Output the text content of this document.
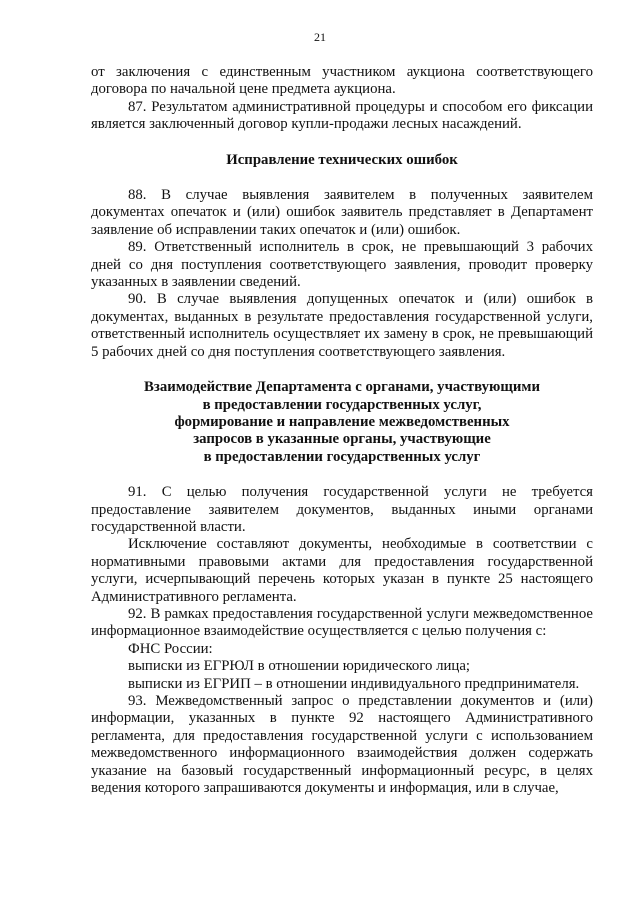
21

от заключения с единственным участником аукциона соответствующего договора по начальной цене предмета аукциона.

87. Результатом административной процедуры и способом его фиксации является заключенный договор купли-продажи лесных насаждений.

Исправление технических ошибок

88. В случае выявления заявителем в полученных заявителем документах опечаток и (или) ошибок заявитель представляет в Департамент заявление об исправлении таких опечаток и (или) ошибок.

89. Ответственный исполнитель в срок, не превышающий 3 рабочих дней со дня поступления соответствующего заявления, проводит проверку указанных в заявлении сведений.

90. В случае выявления допущенных опечаток и (или) ошибок в документах, выданных в результате предоставления государственной услуги, ответственный исполнитель осуществляет их замену в срок, не превышающий 5 рабочих дней со дня поступления соответствующего заявления.

Взаимодействие Департамента с органами, участвующими
в предоставлении государственных услуг,
формирование и направление межведомственных
запросов в указанные органы, участвующие
в предоставлении государственных услуг

91. С целью получения государственной услуги не требуется предоставление заявителем документов, выданных иными органами государственной власти.

Исключение составляют документы, необходимые в соответствии с нормативными правовыми актами для предоставления государственной услуги, исчерпывающий перечень которых указан в пункте 25 настоящего Административного регламента.

92. В рамках предоставления государственной услуги межведомственное информационное взаимодействие осуществляется с целью получения с:

ФНС России:

выписки из ЕГРЮЛ в отношении юридического лица;

выписки из ЕГРИП – в отношении индивидуального предпринимателя.

93. Межведомственный запрос о представлении документов и (или) информации, указанных в пункте 92 настоящего Административного регламента, для предоставления государственной услуги с использованием межведомственного информационного взаимодействия должен содержать указание на базовый государственный информационный ресурс, в целях ведения которого запрашиваются документы и информация, или в случае,
